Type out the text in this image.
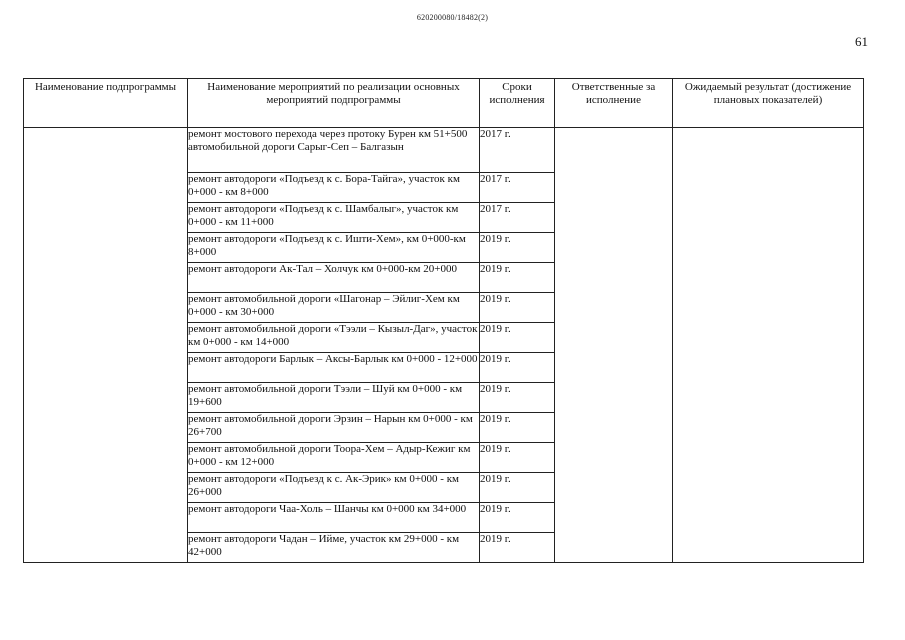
620200080/18482(2)
61
Наименование подпрограммы	Наименование мероприятий по реализации основных мероприятий подпрограммы	Сроки исполнения	Ответственные за исполнение	Ожидаемый результат (достижение плановых показателей)
	ремонт мостового перехода через протоку Бурен км 51+500 автомобильной дороги Сарыг-Сеп – Балгазын	2017 г.		
	ремонт автодороги «Подъезд к с. Бора-Тайга», участок км 0+000 - км 8+000	2017 г.		
	ремонт автодороги «Подъезд к с. Шамбалыг», участок км 0+000 - км 11+000	2017 г.		
	ремонт автодороги «Подъезд к с. Ишти-Хем», км 0+000-км 8+000	2019 г.		
	ремонт автодороги Ак-Тал – Холчук км 0+000-км 20+000	2019 г.		
	ремонт автомобильной дороги «Шагонар – Эйлиг-Хем км 0+000 - км 30+000	2019 г.		
	ремонт автомобильной дороги «Тээли – Кызыл-Даг», участок км 0+000 - км 14+000	2019 г.		
	ремонт автодороги Барлык – Аксы-Барлык км 0+000 - 12+000	2019 г.		
	ремонт автомобильной дороги Тээли – Шуй км 0+000 - км 19+600	2019 г.		
	ремонт автомобильной дороги Эрзин – Нарын км 0+000 - км 26+700	2019 г.		
	ремонт автомобильной дороги Тоора-Хем – Адыр-Кежиг км 0+000 - км 12+000	2019 г.		
	ремонт автодороги «Подъезд к с. Ак-Эрик» км 0+000 - км 26+000	2019 г.		
	ремонт автодороги Чаа-Холь – Шанчы км 0+000 км 34+000	2019 г.		
	ремонт автодороги Чадан – Ийме, участок км 29+000 - км 42+000	2019 г.		
